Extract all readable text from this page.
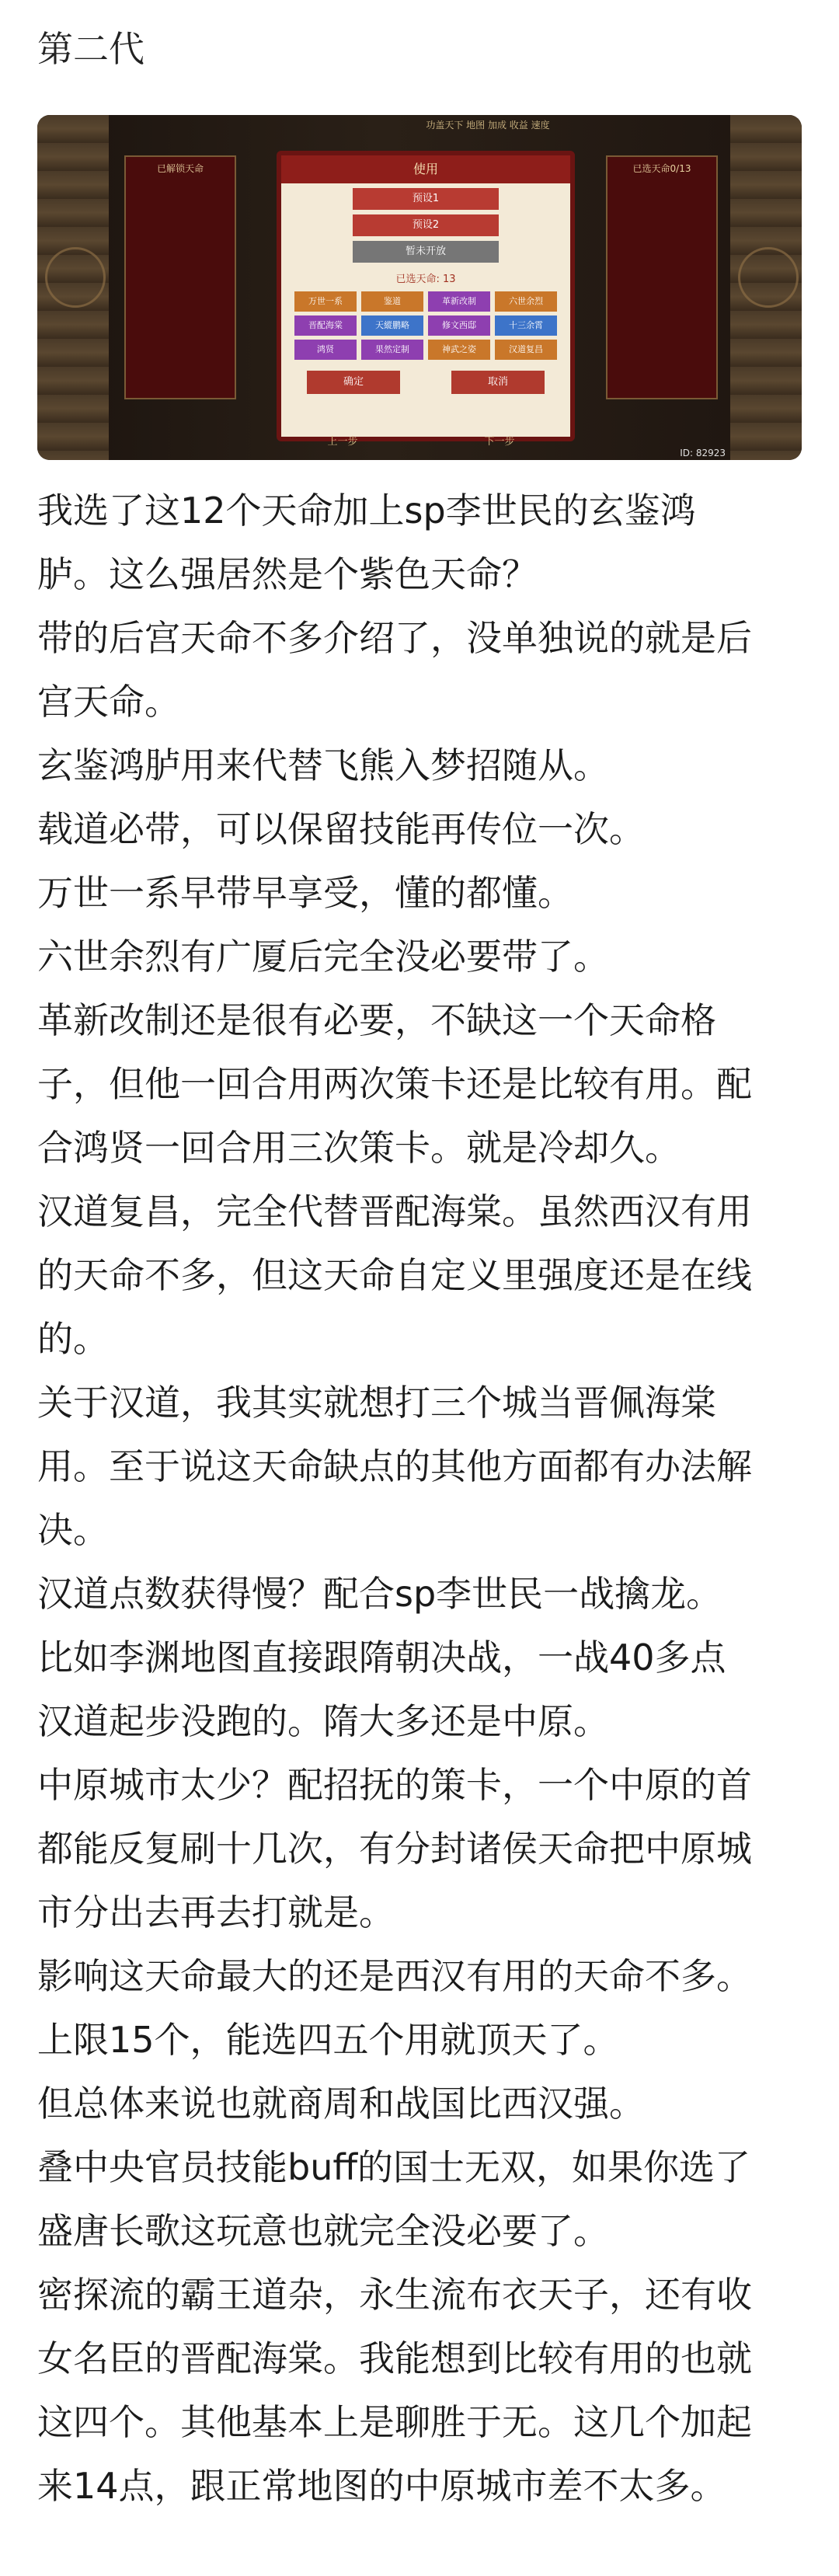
第二代
功盖天下 地图 加成 收益 速度
已解锁天命	已选天命0/13
使用
预设1
预设2
暂未开放
已选天命: 13
万世一系	鉴道	革新改制	六世余烈
晋配海棠	天縱鹏略	修文西邸	十三余霄
鸿贤	果然定制	神武之姿	汉道复昌
确定	取消
上一步	下一步
ID: 82923

我选了这12个天命加上sp李世民的玄鉴鸿

胪。这么强居然是个紫色天命？

带的后宫天命不多介绍了，没单独说的就是后

宫天命。

玄鉴鸿胪用来代替飞熊入梦招随从。

载道必带，可以保留技能再传位一次。

万世一系早带早享受，懂的都懂。

六世余烈有广厦后完全没必要带了。

革新改制还是很有必要，不缺这一个天命格

子，但他一回合用两次策卡还是比较有用。配

合鸿贤一回合用三次策卡。就是冷却久。

汉道复昌，完全代替晋配海棠。虽然西汉有用

的天命不多，但这天命自定义里强度还是在线

的。

关于汉道，我其实就想打三个城当晋佩海棠

用。至于说这天命缺点的其他方面都有办法解

决。

汉道点数获得慢？配合sp李世民一战擒龙。

比如李渊地图直接跟隋朝决战，一战40多点

汉道起步没跑的。隋大多还是中原。

中原城市太少？配招抚的策卡，一个中原的首

都能反复刷十几次，有分封诸侯天命把中原城

市分出去再去打就是。

影响这天命最大的还是西汉有用的天命不多。

上限15个，能选四五个用就顶天了。

但总体来说也就商周和战国比西汉强。

叠中央官员技能buff的国士无双，如果你选了

盛唐长歌这玩意也就完全没必要了。

密探流的霸王道杂，永生流布衣天子，还有收

女名臣的晋配海棠。我能想到比较有用的也就

这四个。其他基本上是聊胜于无。这几个加起

来14点，跟正常地图的中原城市差不太多。
